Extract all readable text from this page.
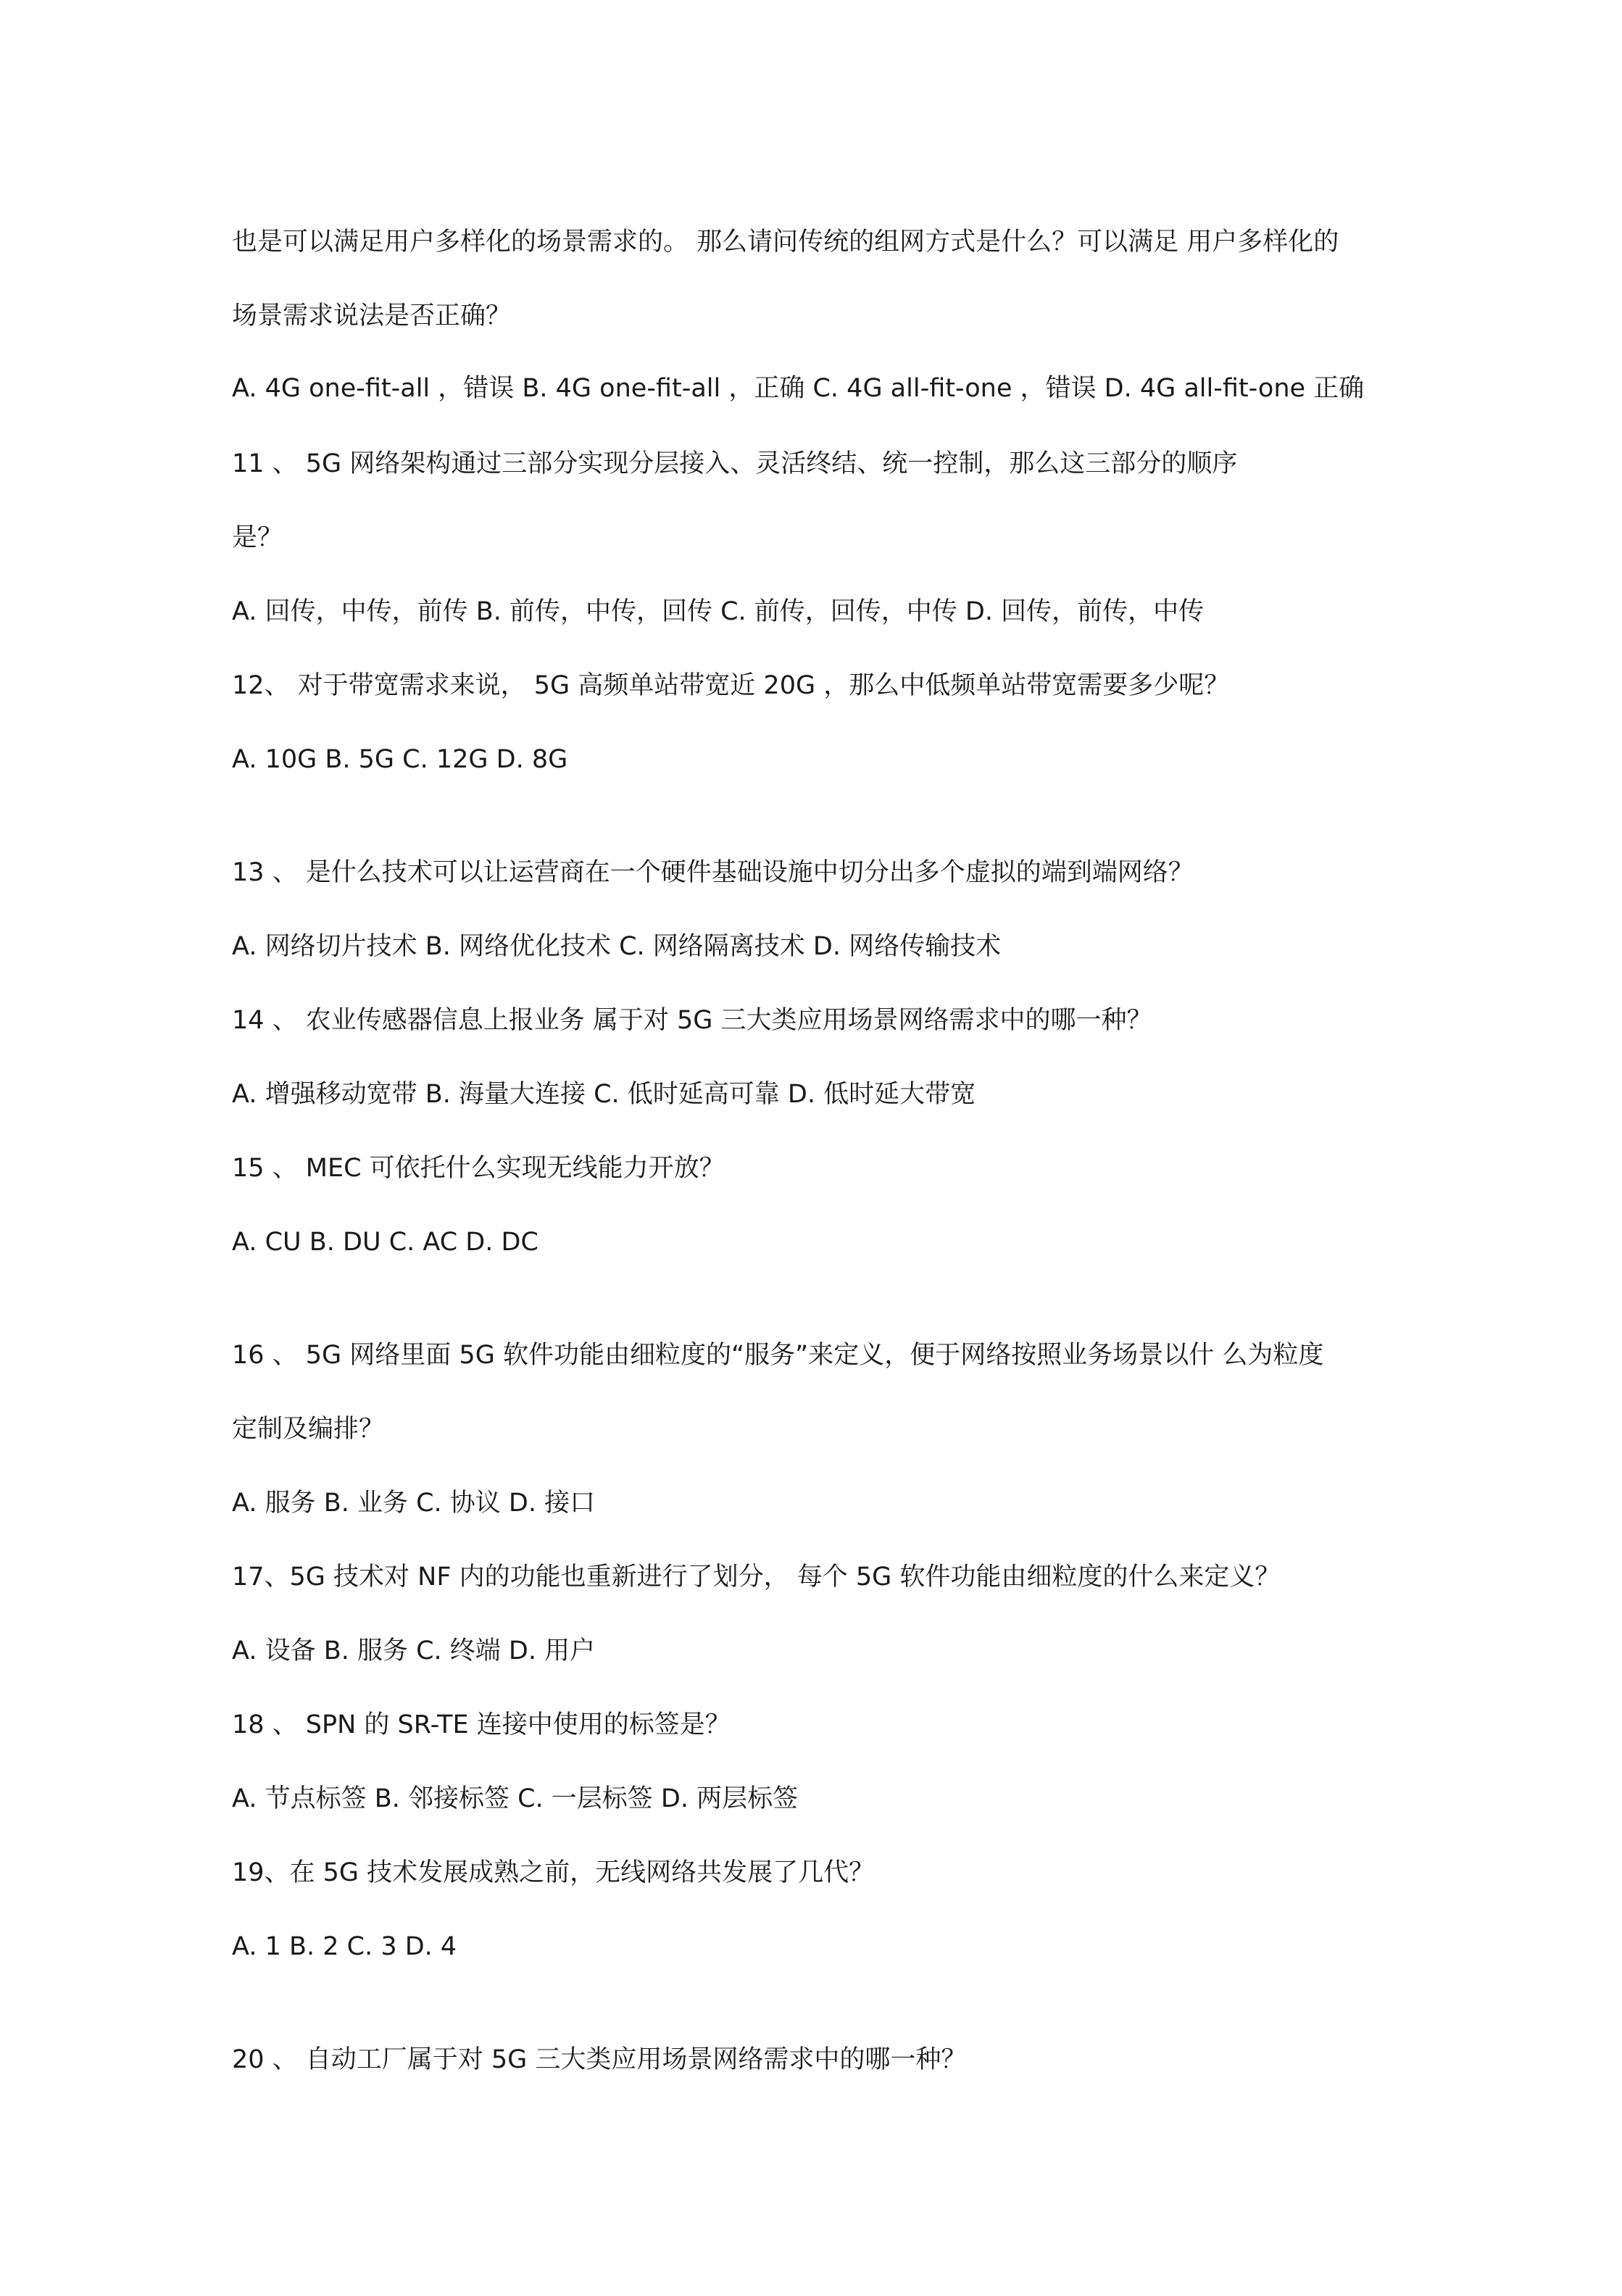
也是可以满足用户多样化的场景需求的。 那么请问传统的组网方式是什么？可以满足 用户多样化的
场景需求说法是否正确？
A. 4G one-fit-all ，错误 B. 4G one-fit-all ，正确 C. 4G all-fit-one ，错误 D. 4G all-fit-one 正确
11 、 5G 网络架构通过三部分实现分层接入、灵活终结、统一控制，那么这三部分的顺序
是？
A. 回传，中传，前传 B. 前传，中传，回传 C. 前传，回传，中传 D. 回传，前传，中传
12、 对于带宽需求来说， 5G 高频单站带宽近 20G ，那么中低频单站带宽需要多少呢？
A. 10G B. 5G C. 12G D. 8G
13 、 是什么技术可以让运营商在一个硬件基础设施中切分出多个虚拟的端到端网络？
A. 网络切片技术 B. 网络优化技术 C. 网络隔离技术 D. 网络传输技术
14 、 农业传感器信息上报业务 属于对 5G 三大类应用场景网络需求中的哪一种？
A. 增强移动宽带 B. 海量大连接 C. 低时延高可靠 D. 低时延大带宽
15 、 MEC 可依托什么实现无线能力开放？
A. CU B. DU C. AC D. DC
16 、 5G 网络里面 5G 软件功能由细粒度的“服务”来定义，便于网络按照业务场景以什 么为粒度
定制及编排？
A. 服务 B. 业务 C. 协议 D. 接口
17、5G 技术对 NF 内的功能也重新进行了划分， 每个 5G 软件功能由细粒度的什么来定义？
A. 设备 B. 服务 C. 终端 D. 用户
18 、 SPN 的 SR-TE 连接中使用的标签是？
A. 节点标签 B. 邻接标签 C. 一层标签 D. 两层标签
19、在 5G 技术发展成熟之前，无线网络共发展了几代？
A. 1 B. 2 C. 3 D. 4
20 、 自动工厂属于对 5G 三大类应用场景网络需求中的哪一种？
